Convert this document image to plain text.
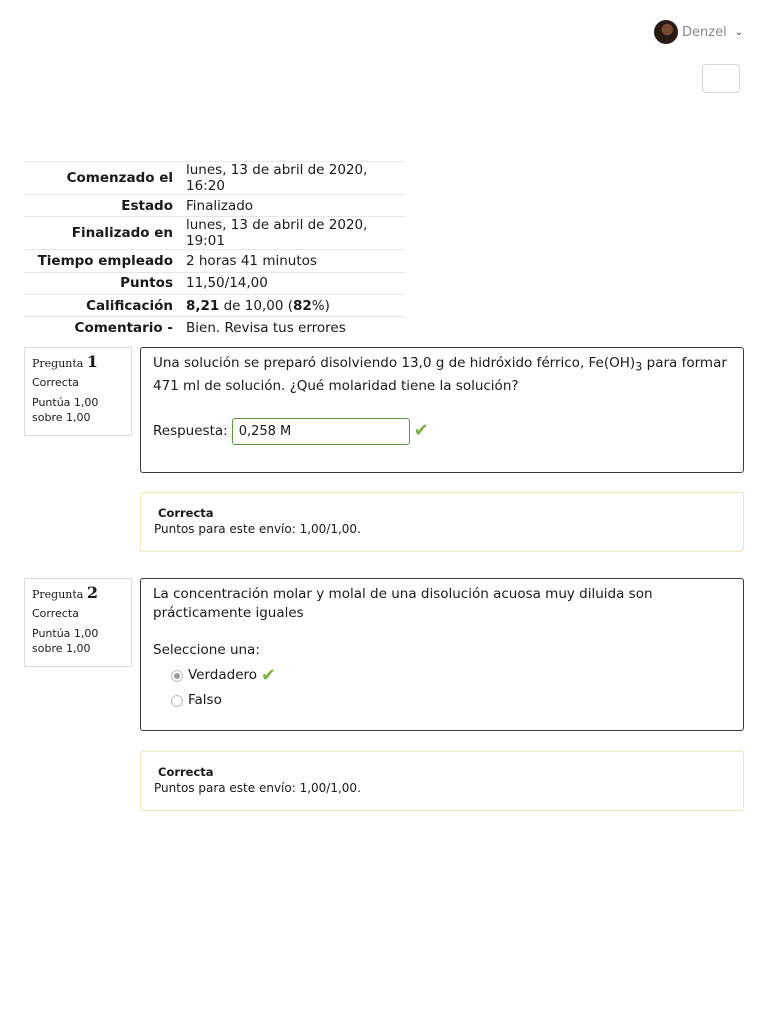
Denzel ⌄
Comenzado el	lunes, 13 de abril de 2020, 16:20
Estado	Finalizado
Finalizado en	lunes, 13 de abril de 2020, 19:01
Tiempo empleado	2 horas 41 minutos
Puntos	11,50/14,00
Calificación	8,21 de 10,00 (82%)
Comentario -	Bien. Revisa tus errores
Pregunta 1
Correcta
Puntúa 1,00 sobre 1,00
Una solución se preparó disolviendo 13,0 g de hidróxido férrico, $Fe(OH)_3$ para formar 471 ml de solución. ¿Qué molaridad tiene la solución?
Respuesta: 0,258 M	✔
Correcta
Puntos para este envío: 1,00/1,00.
Pregunta 2
Correcta
Puntúa 1,00 sobre 1,00
La concentración molar y molal de una disolución acuosa muy diluida son prácticamente iguales
Seleccione una:
Verdadero ✔
Falso
Correcta
Puntos para este envío: 1,00/1,00.
